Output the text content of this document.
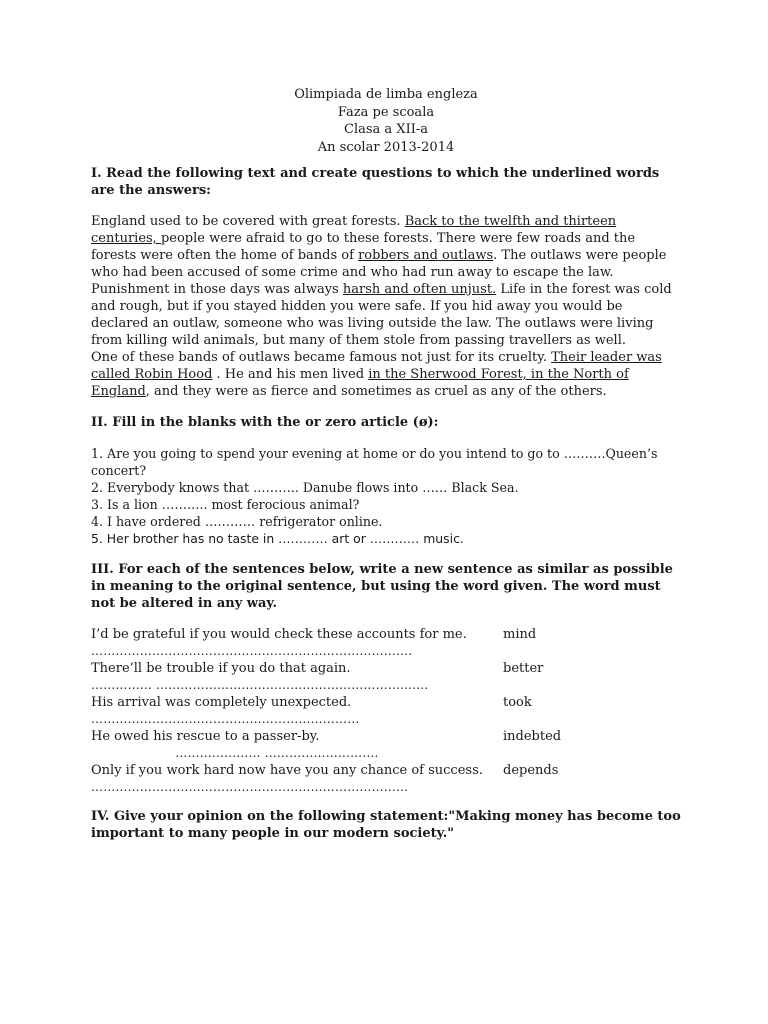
Olimpiada de limba engleza
Faza pe scoala
Clasa a XII-a
An scolar 2013-2014
I. Read the following text and create questions to which the underlined words are the answers:

England used to be covered with great forests. Back to the twelfth and thirteen centuries, people were afraid to go to these forests. There were few roads and the forests were often the home of bands of robbers and outlaws. The outlaws were people who had been accused of some crime and who had run away to escape the law. Punishment in those days was always harsh and often unjust. Life in the forest was cold and rough, but if you stayed hidden you were safe. If you hid away you would be declared an outlaw, someone who was living outside the law. The outlaws were living from killing wild animals, but many of them stole from passing travellers as well.

One of these bands of outlaws became famous not just for its cruelty. Their leader was called Robin Hood . He and his men lived in the Sherwood Forest, in the North of England, and they were as fierce and sometimes as cruel as any of the others.

II. Fill in the blanks with the or zero article (ø):
1. Are you going to spend your evening at home or do you intend to go to ……….Queen’s concert?
2. Everybody knows that ……….. Danube flows into …… Black Sea.
3. Is a lion ……….. most ferocious animal?
4. I have ordered ………… refrigerator online.
5. Her brother has no taste in ………… art or ………… music.
III. For each of the sentences below, write a new sentence as similar as possible in meaning to the original sentence, but using the word given. The word must not be altered in any way.
I’d be grateful if you would check these accounts for me.	mind
…………………………………………………………………….
There’ll be trouble if you do that again.	better
…………… ………………………………………………………….
His arrival was completely unexpected.	took
…………………………………………………………
He owed his rescue to a passer-by.	indebted
………………… ……………………….
Only if you work hard now have you any chance of success. depends
……………………………………………………………………
IV. Give your opinion on the following statement:"Making money has become too important to many people in our modern society."
